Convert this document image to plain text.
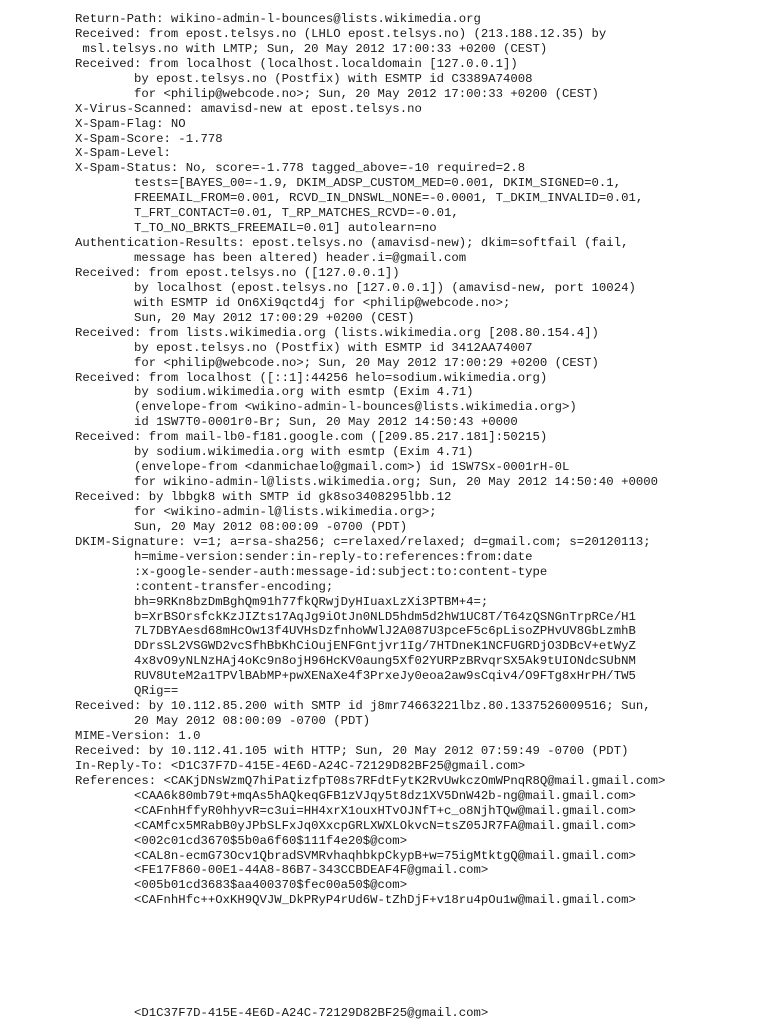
Return-Path: wikino-admin-l-bounces@lists.wikimedia.org
Received: from epost.telsys.no (LHLO epost.telsys.no) (213.188.12.35) by
msl.telsys.no with LMTP; Sun, 20 May 2012 17:00:33 +0200 (CEST)
Received: from localhost (localhost.localdomain [127.0.0.1])
by epost.telsys.no (Postfix) with ESMTP id C3389A74008
for <philip@webcode.no>; Sun, 20 May 2012 17:00:33 +0200 (CEST)
X-Virus-Scanned: amavisd-new at epost.telsys.no
X-Spam-Flag: NO
X-Spam-Score: -1.778
X-Spam-Level:
X-Spam-Status: No, score=-1.778 tagged_above=-10 required=2.8
tests=[BAYES_00=-1.9, DKIM_ADSP_CUSTOM_MED=0.001, DKIM_SIGNED=0.1,
FREEMAIL_FROM=0.001, RCVD_IN_DNSWL_NONE=-0.0001, T_DKIM_INVALID=0.01,
T_FRT_CONTACT=0.01, T_RP_MATCHES_RCVD=-0.01,
T_TO_NO_BRKTS_FREEMAIL=0.01] autolearn=no
Authentication-Results: epost.telsys.no (amavisd-new); dkim=softfail (fail,
message has been altered) header.i=@gmail.com
Received: from epost.telsys.no ([127.0.0.1])
by localhost (epost.telsys.no [127.0.0.1]) (amavisd-new, port 10024)
with ESMTP id On6Xi9qctd4j for <philip@webcode.no>;
Sun, 20 May 2012 17:00:29 +0200 (CEST)
Received: from lists.wikimedia.org (lists.wikimedia.org [208.80.154.4])
by epost.telsys.no (Postfix) with ESMTP id 3412AA74007
for <philip@webcode.no>; Sun, 20 May 2012 17:00:29 +0200 (CEST)
Received: from localhost ([::1]:44256 helo=sodium.wikimedia.org)
by sodium.wikimedia.org with esmtp (Exim 4.71)
(envelope-from <wikino-admin-l-bounces@lists.wikimedia.org>)
id 1SW7T0-0001r0-Br; Sun, 20 May 2012 14:50:43 +0000
Received: from mail-lb0-f181.google.com ([209.85.217.181]:50215)
by sodium.wikimedia.org with esmtp (Exim 4.71)
(envelope-from <danmichaelo@gmail.com>) id 1SW7Sx-0001rH-0L
for wikino-admin-l@lists.wikimedia.org; Sun, 20 May 2012 14:50:40 +0000
Received: by lbbgk8 with SMTP id gk8so3408295lbb.12
for <wikino-admin-l@lists.wikimedia.org>;
Sun, 20 May 2012 08:00:09 -0700 (PDT)
DKIM-Signature: v=1; a=rsa-sha256; c=relaxed/relaxed; d=gmail.com; s=20120113;
h=mime-version:sender:in-reply-to:references:from:date
:x-google-sender-auth:message-id:subject:to:content-type
:content-transfer-encoding;
bh=9RKn8bzDmBghQm91h77fkQRwjDyHIuaxLzXi3PTBM+4=;
b=XrBSOrsfckKzJIZts17AqJg9iOtJn0NLD5hdm5d2hW1UC8T/T64zQSNGnTrpRCe/H1
7L7DBYAesd68mHcOw13f4UVHsDzfnhoWWlJ2A087U3pceF5c6pLisoZPHvUV8GbLzmhB
DDrsSL2VSGWD2vcSfhBbKhCiOujENFGntjvr1Ig/7HTDneK1NCFUGRDjO3DBcV+etWyZ
4x8vO9yNLNzHAj4oKc9n8ojH96HcKV0aung5Xf02YURPzBRvqrSX5Ak9tUIONdcSUbNM
RUV8UteM2a1TPVlBAbMP+pwXENaXe4f3PrxeJy0eoa2aw9sCqiv4/O9FTg8xHrPH/TW5
QRig==
Received: by 10.112.85.200 with SMTP id j8mr74663221lbz.80.1337526009516; Sun,
20 May 2012 08:00:09 -0700 (PDT)
MIME-Version: 1.0
Received: by 10.112.41.105 with HTTP; Sun, 20 May 2012 07:59:49 -0700 (PDT)
In-Reply-To: <D1C37F7D-415E-4E6D-A24C-72129D82BF25@gmail.com>
References: <CAKjDNsWzmQ7hiPatizfpT08s7RFdtFytK2RvUwkczOmWPnqR8Q@mail.gmail.com>
<CAA6k80mb79t+mqAs5hAQkeqGFB1zVJqy5t8dz1XV5DnW42b-ng@mail.gmail.com>
<CAFnhHffyR0hhyvR=c3ui=HH4xrX1ouxHTvOJNfT+c_o8NjhTQw@mail.gmail.com>
<CAMfcx5MRabB0yJPbSLFxJq0XxcpGRLXWXLOkvcN=tsZ05JR7FA@mail.gmail.com>
<002c01cd3670$5b0a6f60$111f4e20$@com>
<CAL8n-ecmG73Ocv1QbradSVMRvhaqhbkpCkypB+w=75igMtktgQ@mail.gmail.com>
<FE17F860-00E1-44A8-86B7-343CCBDEAF4F@gmail.com>
<005b01cd3683$aa400370$fec00a50$@com>
<CAFnhHfc++OxKH9QVJW_DkPRyP4rUd6W-tZhDjF+v18ru4pOu1w@mail.gmail.com>
<D1C37F7D-415E-4E6D-A24C-72129D82BF25@gmail.com>
